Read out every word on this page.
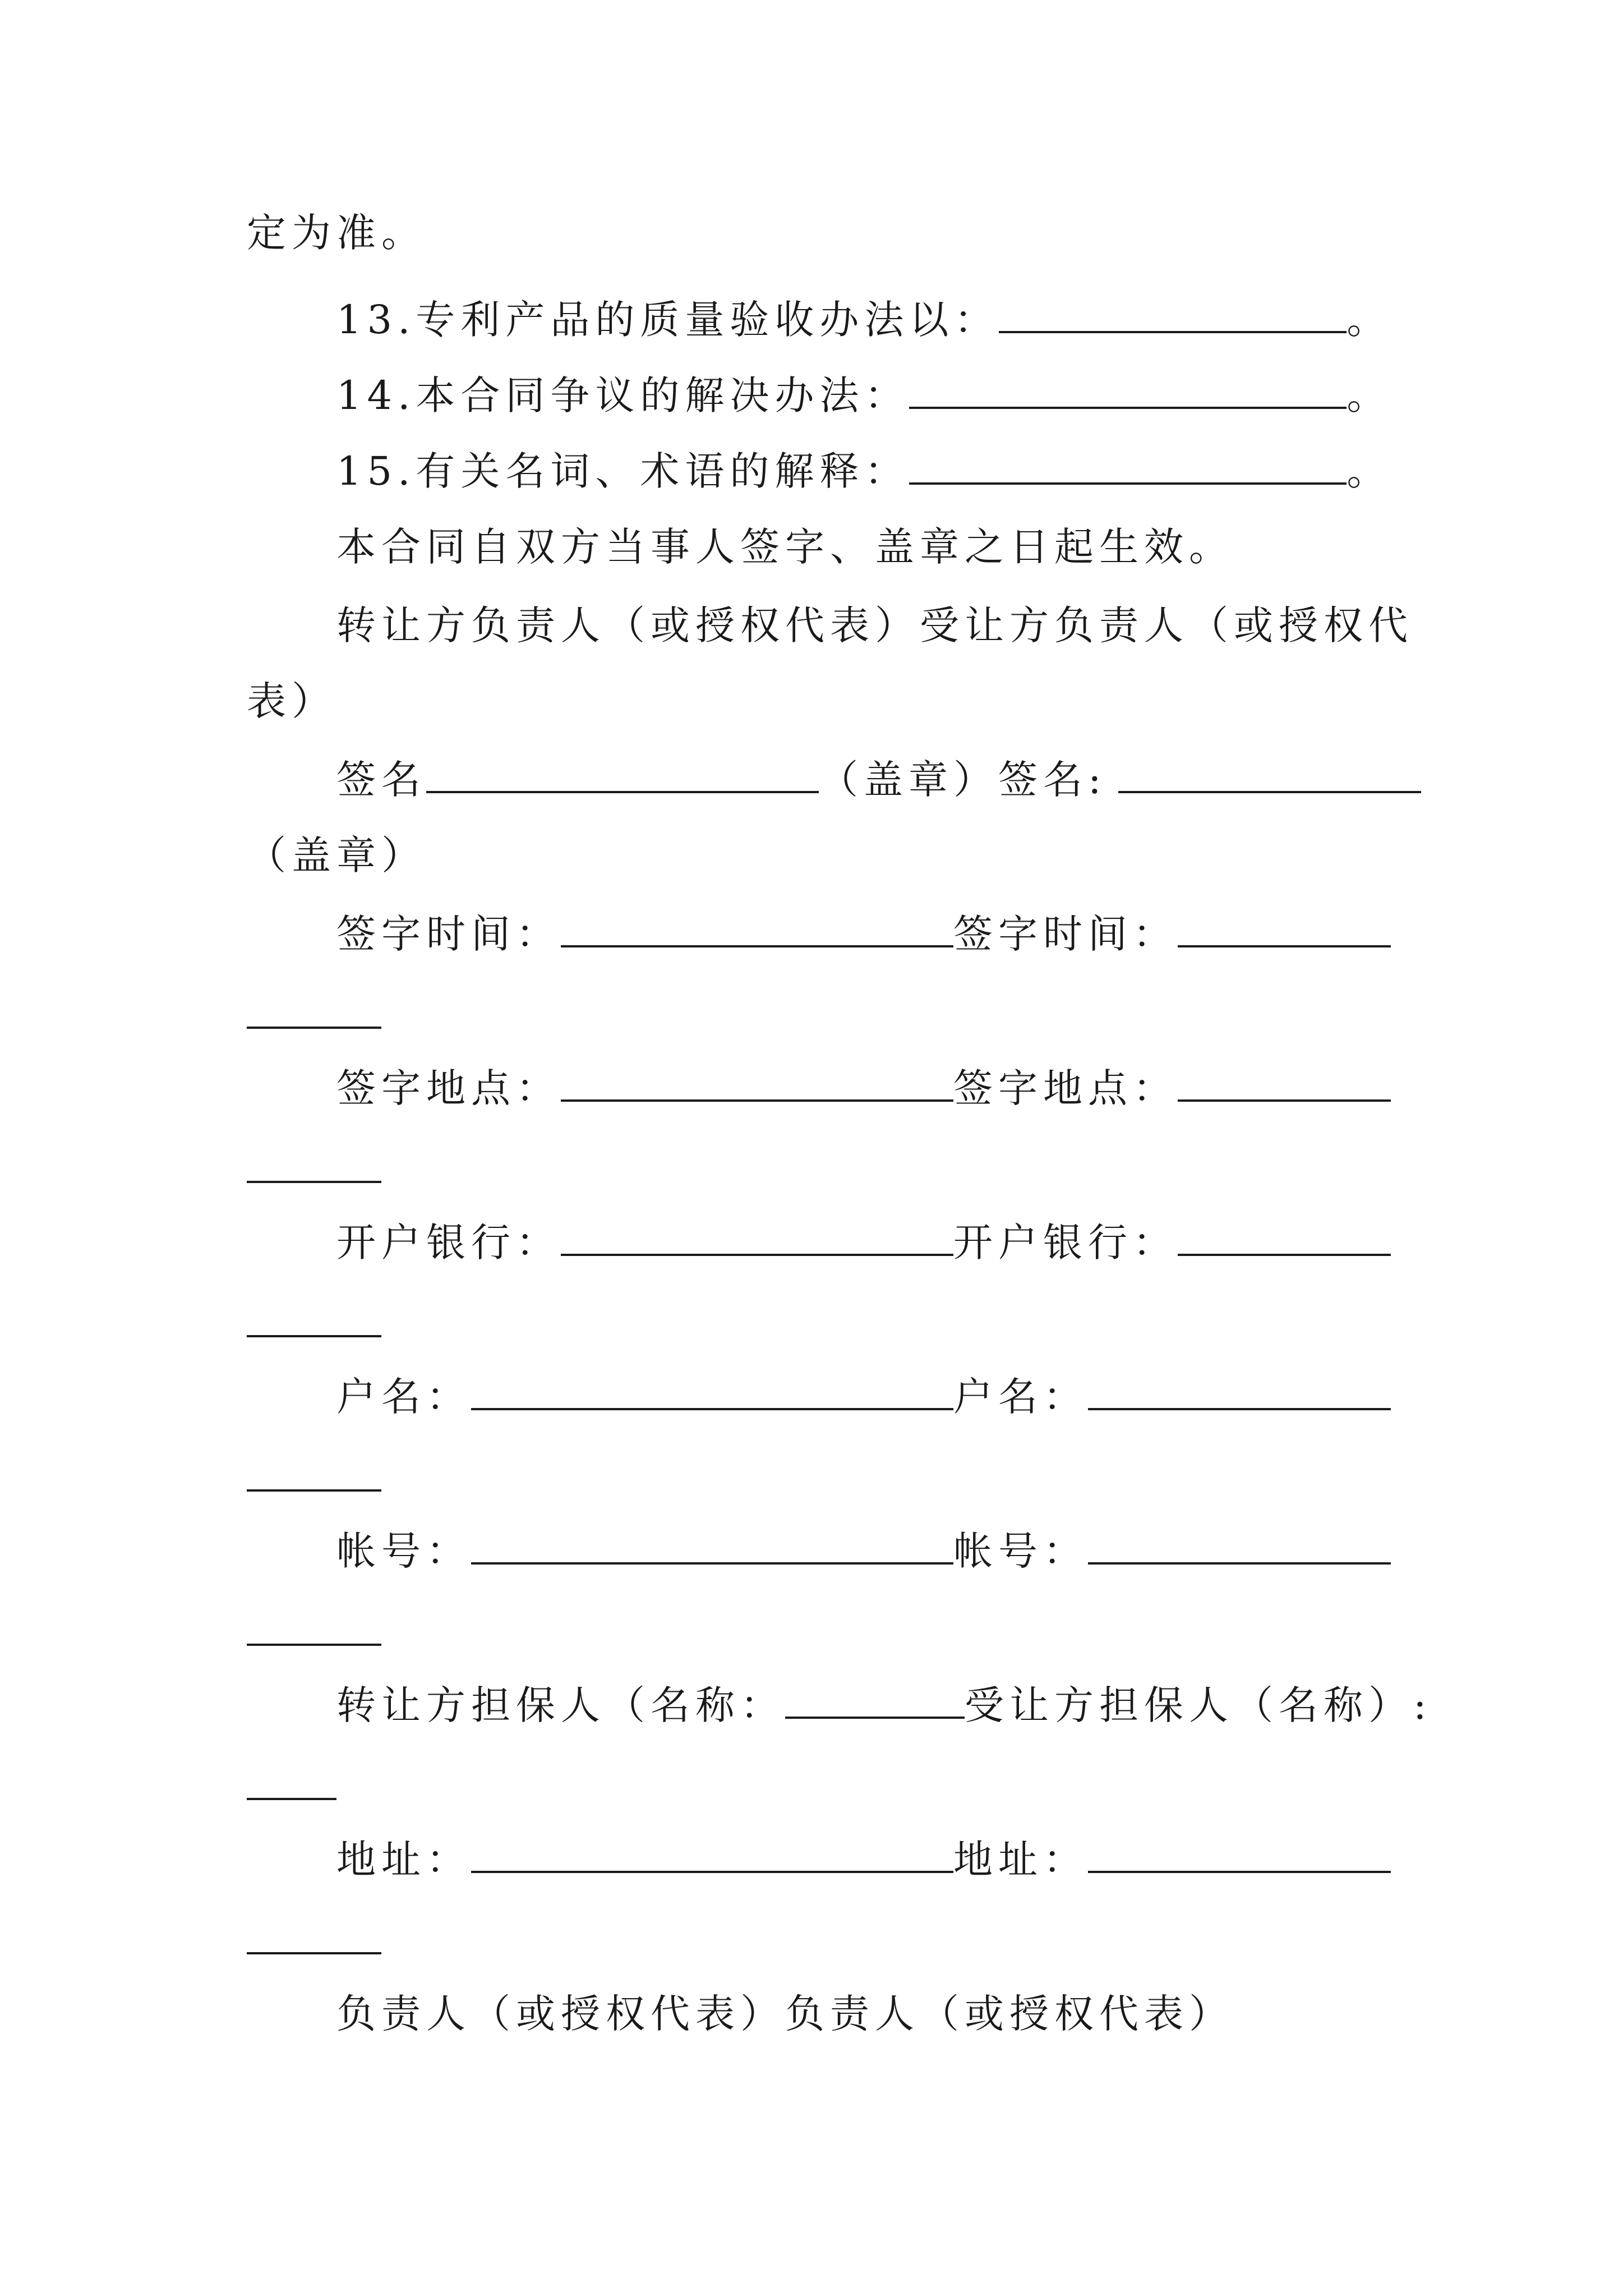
定为准。
13.专利产品的质量验收办法以：	。
14.本合同争议的解决办法：	。
15.有关名词、术语的解释：	。
本合同自双方当事人签字、盖章之日起生效。
转让方负责人（或授权代表）受让方负责人（或授权代
表）
签名	（盖章）签名:
（盖章）
签字时间：	签字时间：
签字地点：	签字地点：
开户银行：	开户银行：
户名：	户名：
帐号：	帐号：
转让方担保人（名称：	受让方担保人（名称）:
地址：	地址：
负责人（或授权代表）负责人（或授权代表）
